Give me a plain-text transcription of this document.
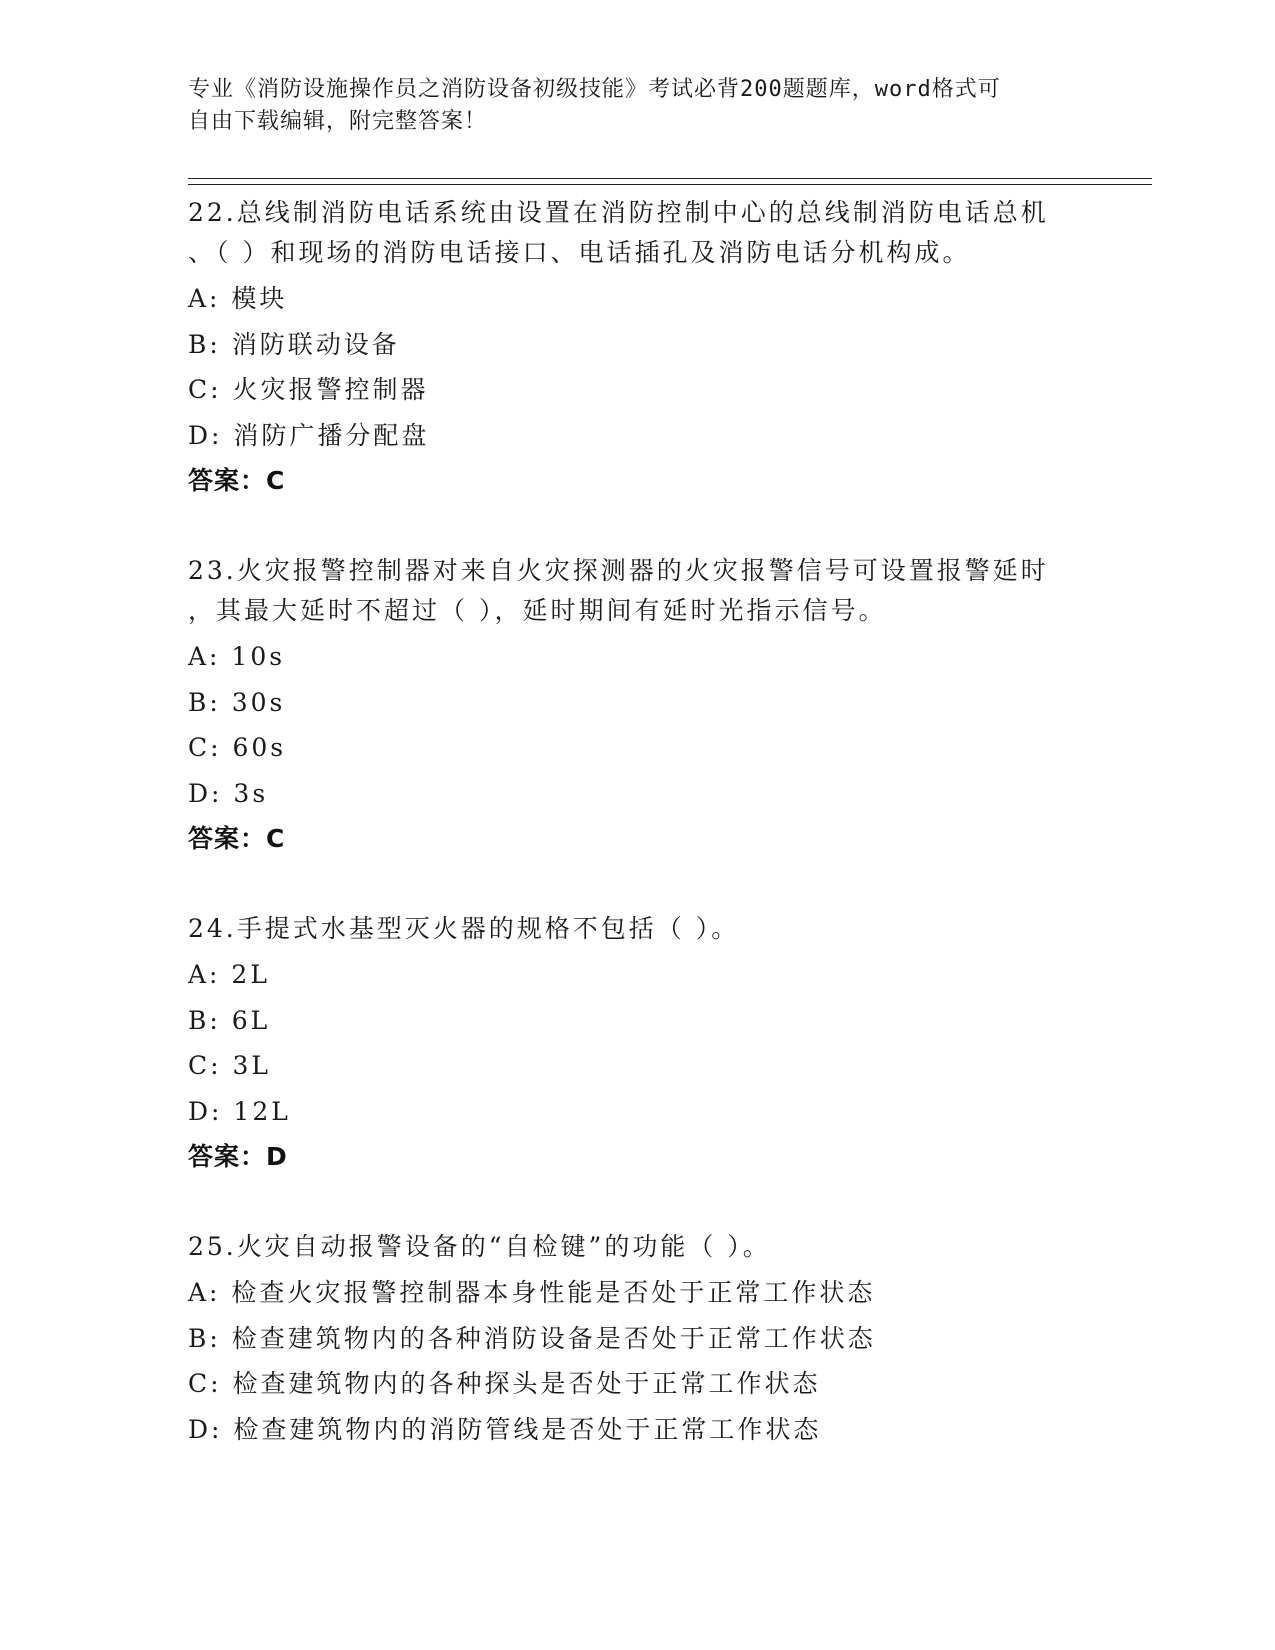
专业《消防设施操作员之消防设备初级技能》考试必背200题题库，word格式可

自由下载编辑，附完整答案！

22.总线制消防电话系统由设置在消防控制中心的总线制消防电话总机

、（ ）和现场的消防电话接口、电话插孔及消防电话分机构成。

A: 模块

B: 消防联动设备

C: 火灾报警控制器

D: 消防广播分配盘

答案：C

23.火灾报警控制器对来自火灾探测器的火灾报警信号可设置报警延时

，其最大延时不超过（ ），延时期间有延时光指示信号。

A: 10s

B: 30s

C: 60s

D: 3s

答案：C

24.手提式水基型灭火器的规格不包括（ ）。

A: 2L

B: 6L

C: 3L

D: 12L

答案：D

25.火灾自动报警设备的“自检键”的功能（ ）。

A: 检查火灾报警控制器本身性能是否处于正常工作状态

B: 检查建筑物内的各种消防设备是否处于正常工作状态

C: 检查建筑物内的各种探头是否处于正常工作状态

D: 检查建筑物内的消防管线是否处于正常工作状态
